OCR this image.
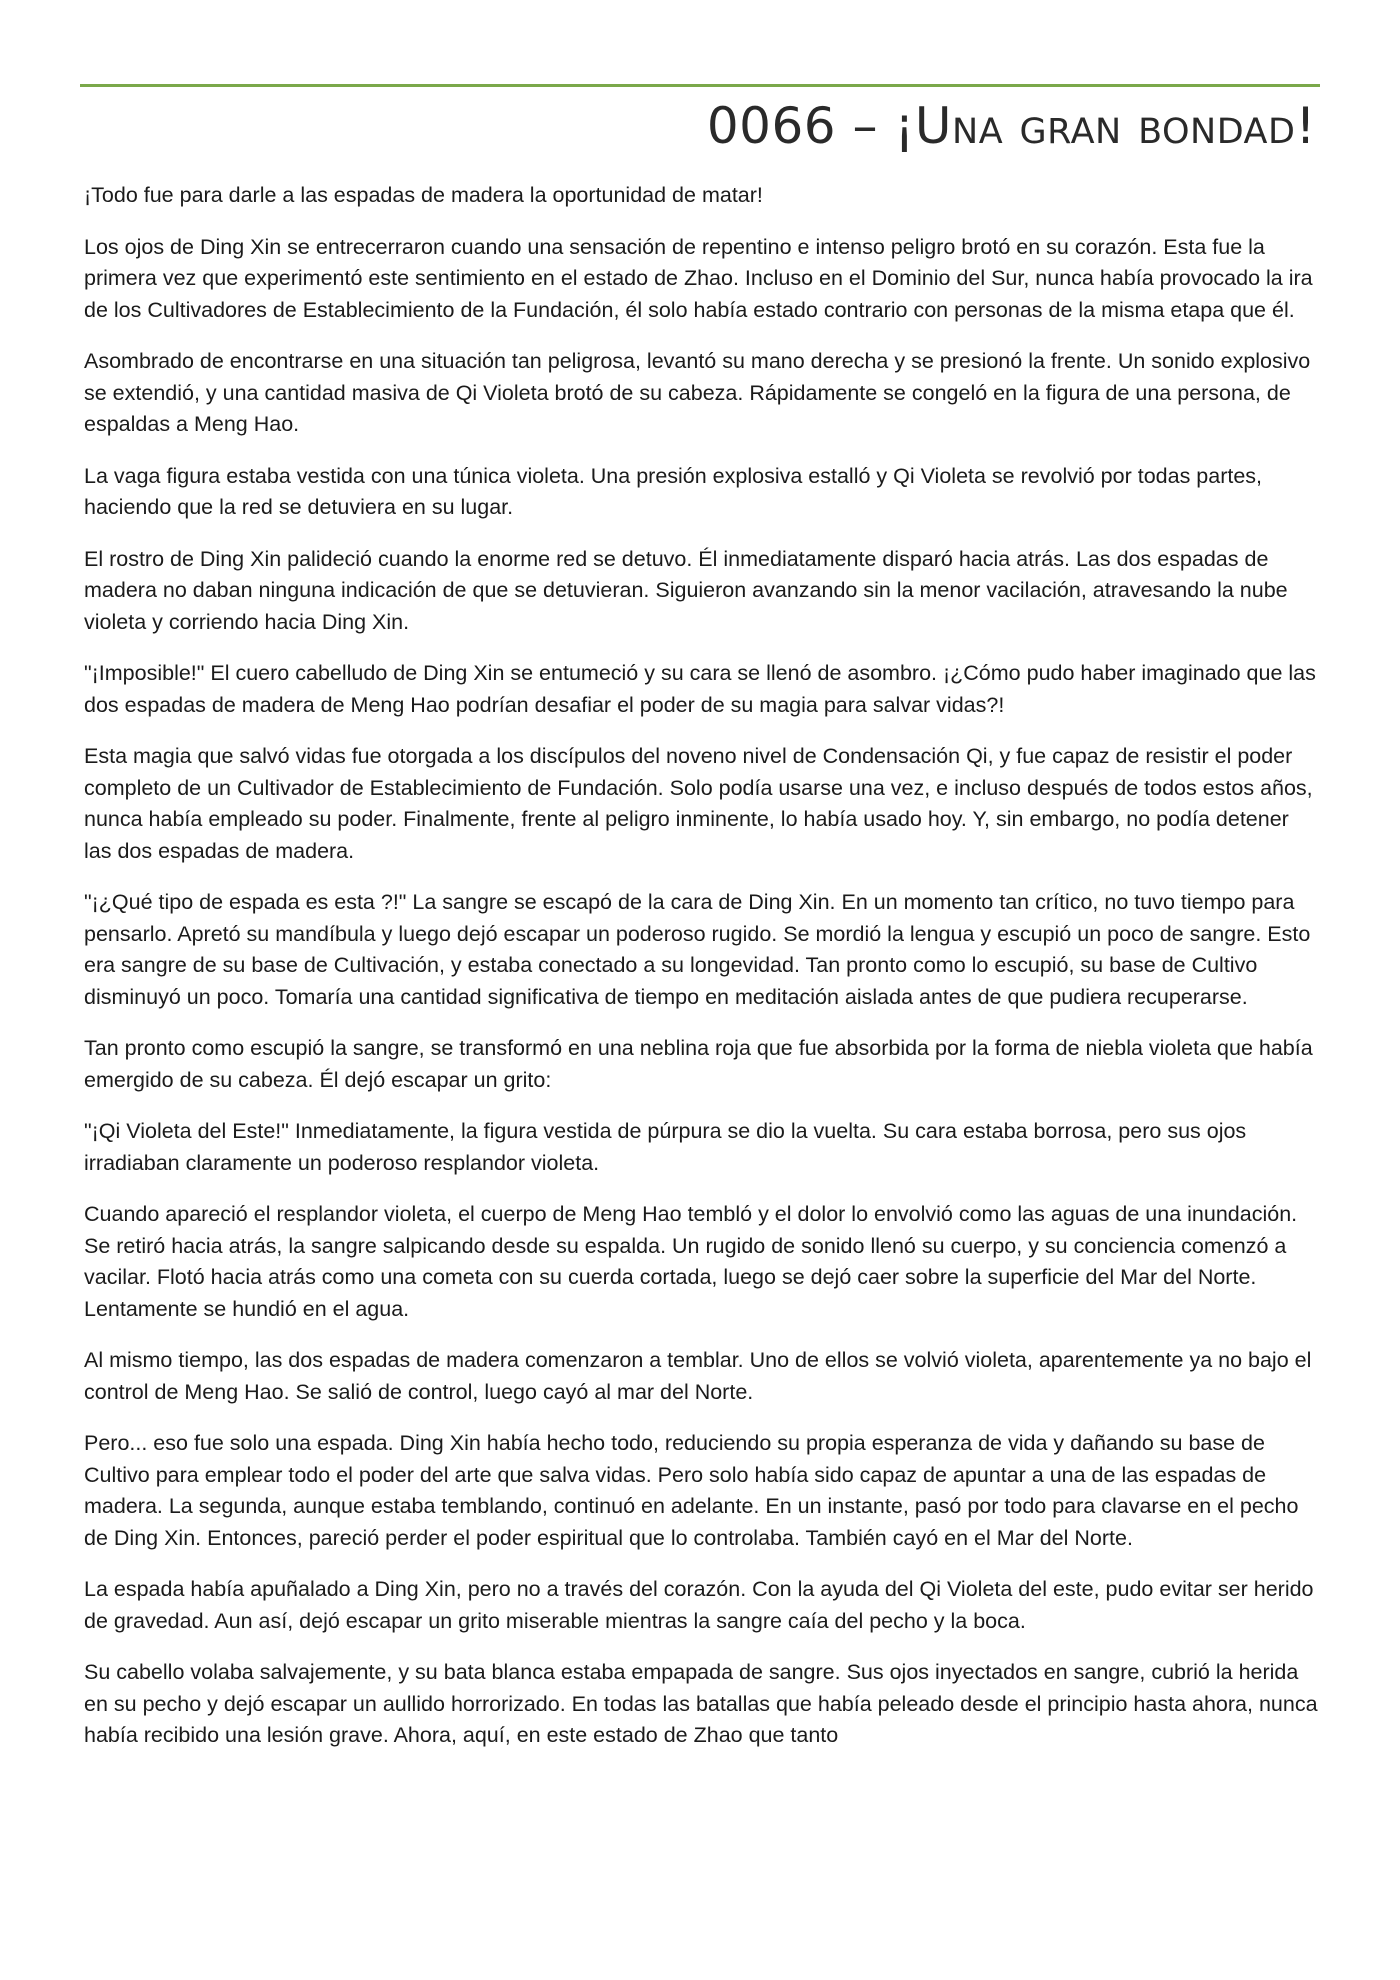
0066 – ¡Una gran bondad!

¡Todo fue para darle a las espadas de madera la oportunidad de matar!

Los ojos de Ding Xin se entrecerraron cuando una sensación de repentino e intenso peligro brotó en su corazón. Esta fue la primera vez que experimentó este sentimiento en el estado de Zhao. Incluso en el Dominio del Sur, nunca había provocado la ira de los Cultivadores de Establecimiento de la Fundación, él solo había estado contrario con personas de la misma etapa que él.

Asombrado de encontrarse en una situación tan peligrosa, levantó su mano derecha y se presionó la frente. Un sonido explosivo se extendió, y una cantidad masiva de Qi Violeta brotó de su cabeza. Rápidamente se congeló en la figura de una persona, de espaldas a Meng Hao.

La vaga figura estaba vestida con una túnica violeta. Una presión explosiva estalló y Qi Violeta se revolvió por todas partes, haciendo que la red se detuviera en su lugar.

El rostro de Ding Xin palideció cuando la enorme red se detuvo. Él inmediatamente disparó hacia atrás. Las dos espadas de madera no daban ninguna indicación de que se detuvieran. Siguieron avanzando sin la menor vacilación, atravesando la nube violeta y corriendo hacia Ding Xin.

"¡Imposible!" El cuero cabelludo de Ding Xin se entumeció y su cara se llenó de asombro. ¡¿Cómo pudo haber imaginado que las dos espadas de madera de Meng Hao podrían desafiar el poder de su magia para salvar vidas?!

Esta magia que salvó vidas fue otorgada a los discípulos del noveno nivel de Condensación Qi, y fue capaz de resistir el poder completo de un Cultivador de Establecimiento de Fundación. Solo podía usarse una vez, e incluso después de todos estos años, nunca había empleado su poder. Finalmente, frente al peligro inminente, lo había usado hoy. Y, sin embargo, no podía detener las dos espadas de madera.

"¡¿Qué tipo de espada es esta ?!" La sangre se escapó de la cara de Ding Xin. En un momento tan crítico, no tuvo tiempo para pensarlo. Apretó su mandíbula y luego dejó escapar un poderoso rugido. Se mordió la lengua y escupió un poco de sangre. Esto era sangre de su base de Cultivación, y estaba conectado a su longevidad. Tan pronto como lo escupió, su base de Cultivo disminuyó un poco. Tomaría una cantidad significativa de tiempo en meditación aislada antes de que pudiera recuperarse.

Tan pronto como escupió la sangre, se transformó en una neblina roja que fue absorbida por la forma de niebla violeta que había emergido de su cabeza. Él dejó escapar un grito:

"¡Qi Violeta del Este!" Inmediatamente, la figura vestida de púrpura se dio la vuelta. Su cara estaba borrosa, pero sus ojos irradiaban claramente un poderoso resplandor violeta.

Cuando apareció el resplandor violeta, el cuerpo de Meng Hao tembló y el dolor lo envolvió como las aguas de una inundación. Se retiró hacia atrás, la sangre salpicando desde su espalda. Un rugido de sonido llenó su cuerpo, y su conciencia comenzó a vacilar. Flotó hacia atrás como una cometa con su cuerda cortada, luego se dejó caer sobre la superficie del Mar del Norte. Lentamente se hundió en el agua.

Al mismo tiempo, las dos espadas de madera comenzaron a temblar. Uno de ellos se volvió violeta, aparentemente ya no bajo el control de Meng Hao. Se salió de control, luego cayó al mar del Norte.

Pero... eso fue solo una espada. Ding Xin había hecho todo, reduciendo su propia esperanza de vida y dañando su base de Cultivo para emplear todo el poder del arte que salva vidas. Pero solo había sido capaz de apuntar a una de las espadas de madera. La segunda, aunque estaba temblando, continuó en adelante. En un instante, pasó por todo para clavarse en el pecho de Ding Xin. Entonces, pareció perder el poder espiritual que lo controlaba. También cayó en el Mar del Norte.

La espada había apuñalado a Ding Xin, pero no a través del corazón. Con la ayuda del Qi Violeta del este, pudo evitar ser herido de gravedad. Aun así, dejó escapar un grito miserable mientras la sangre caía del pecho y la boca.

Su cabello volaba salvajemente, y su bata blanca estaba empapada de sangre. Sus ojos inyectados en sangre, cubrió la herida en su pecho y dejó escapar un aullido horrorizado. En todas las batallas que había peleado desde el principio hasta ahora, nunca había recibido una lesión grave. Ahora, aquí, en este estado de Zhao que tanto
